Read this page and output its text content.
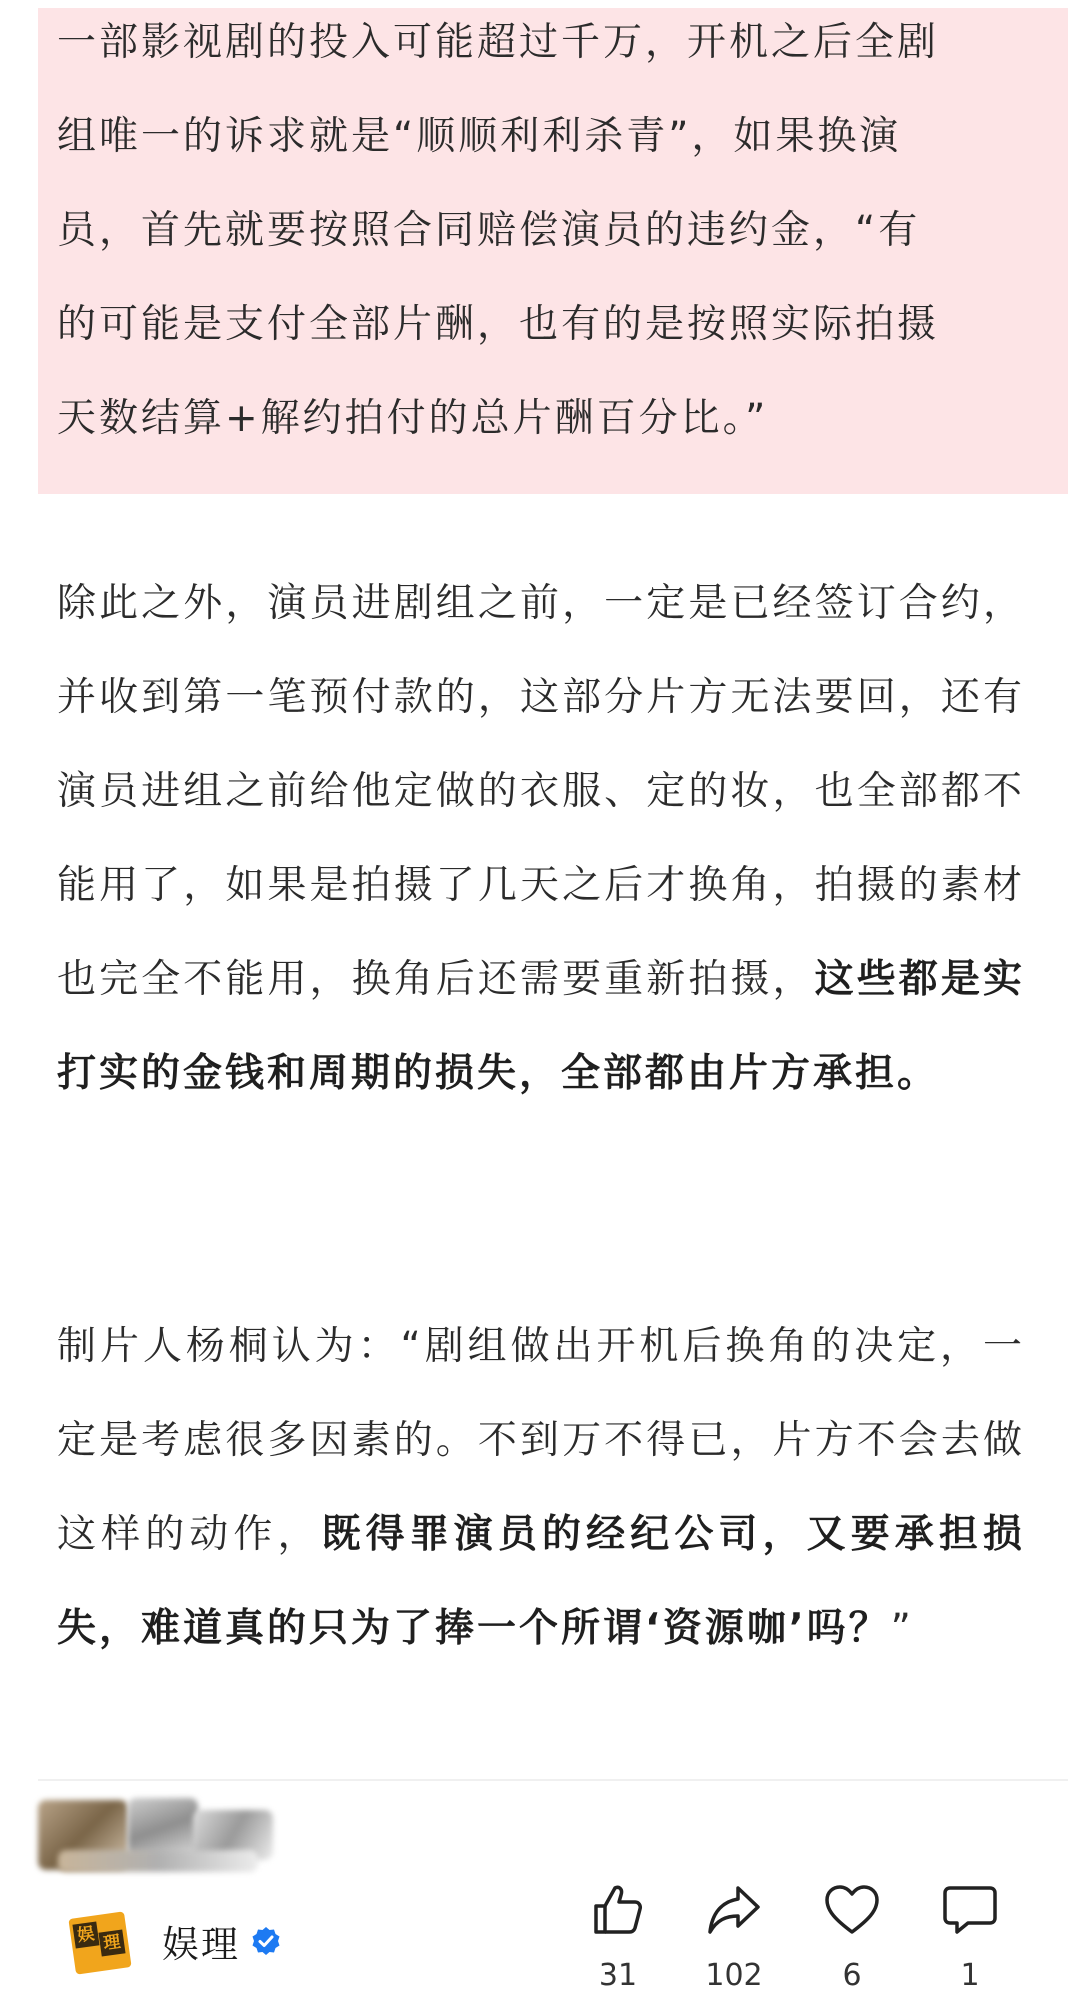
一部影视剧的投入可能超过千万，开机之后全剧
组唯一的诉求就是“顺顺利利杀青”，如果换演
员，首先就要按照合同赔偿演员的违约金，“有
的可能是支付全部片酬，也有的是按照实际拍摄
天数结算+解约拍付的总片酬百分比。”
除此之外，演员进剧组之前，一定是已经签订合约，并收到第一笔预付款的，这部分片方无法要回，还有演员进组之前给他定做的衣服、定的妆，也全部都不能用了，如果是拍摄了几天之后才换角，拍摄的素材也完全不能用，换角后还需要重新拍摄，这些都是实打实的金钱和周期的损失，全部都由片方承担。
制片人杨桐认为：“剧组做出开机后换角的决定，一定是考虑很多因素的。不到万不得已，片方不会去做这样的动作，既得罪演员的经纪公司，又要承担损失，难道真的只为了捧一个所谓‘资源咖’吗？”
娱 理 娱理
31	102	6	1
